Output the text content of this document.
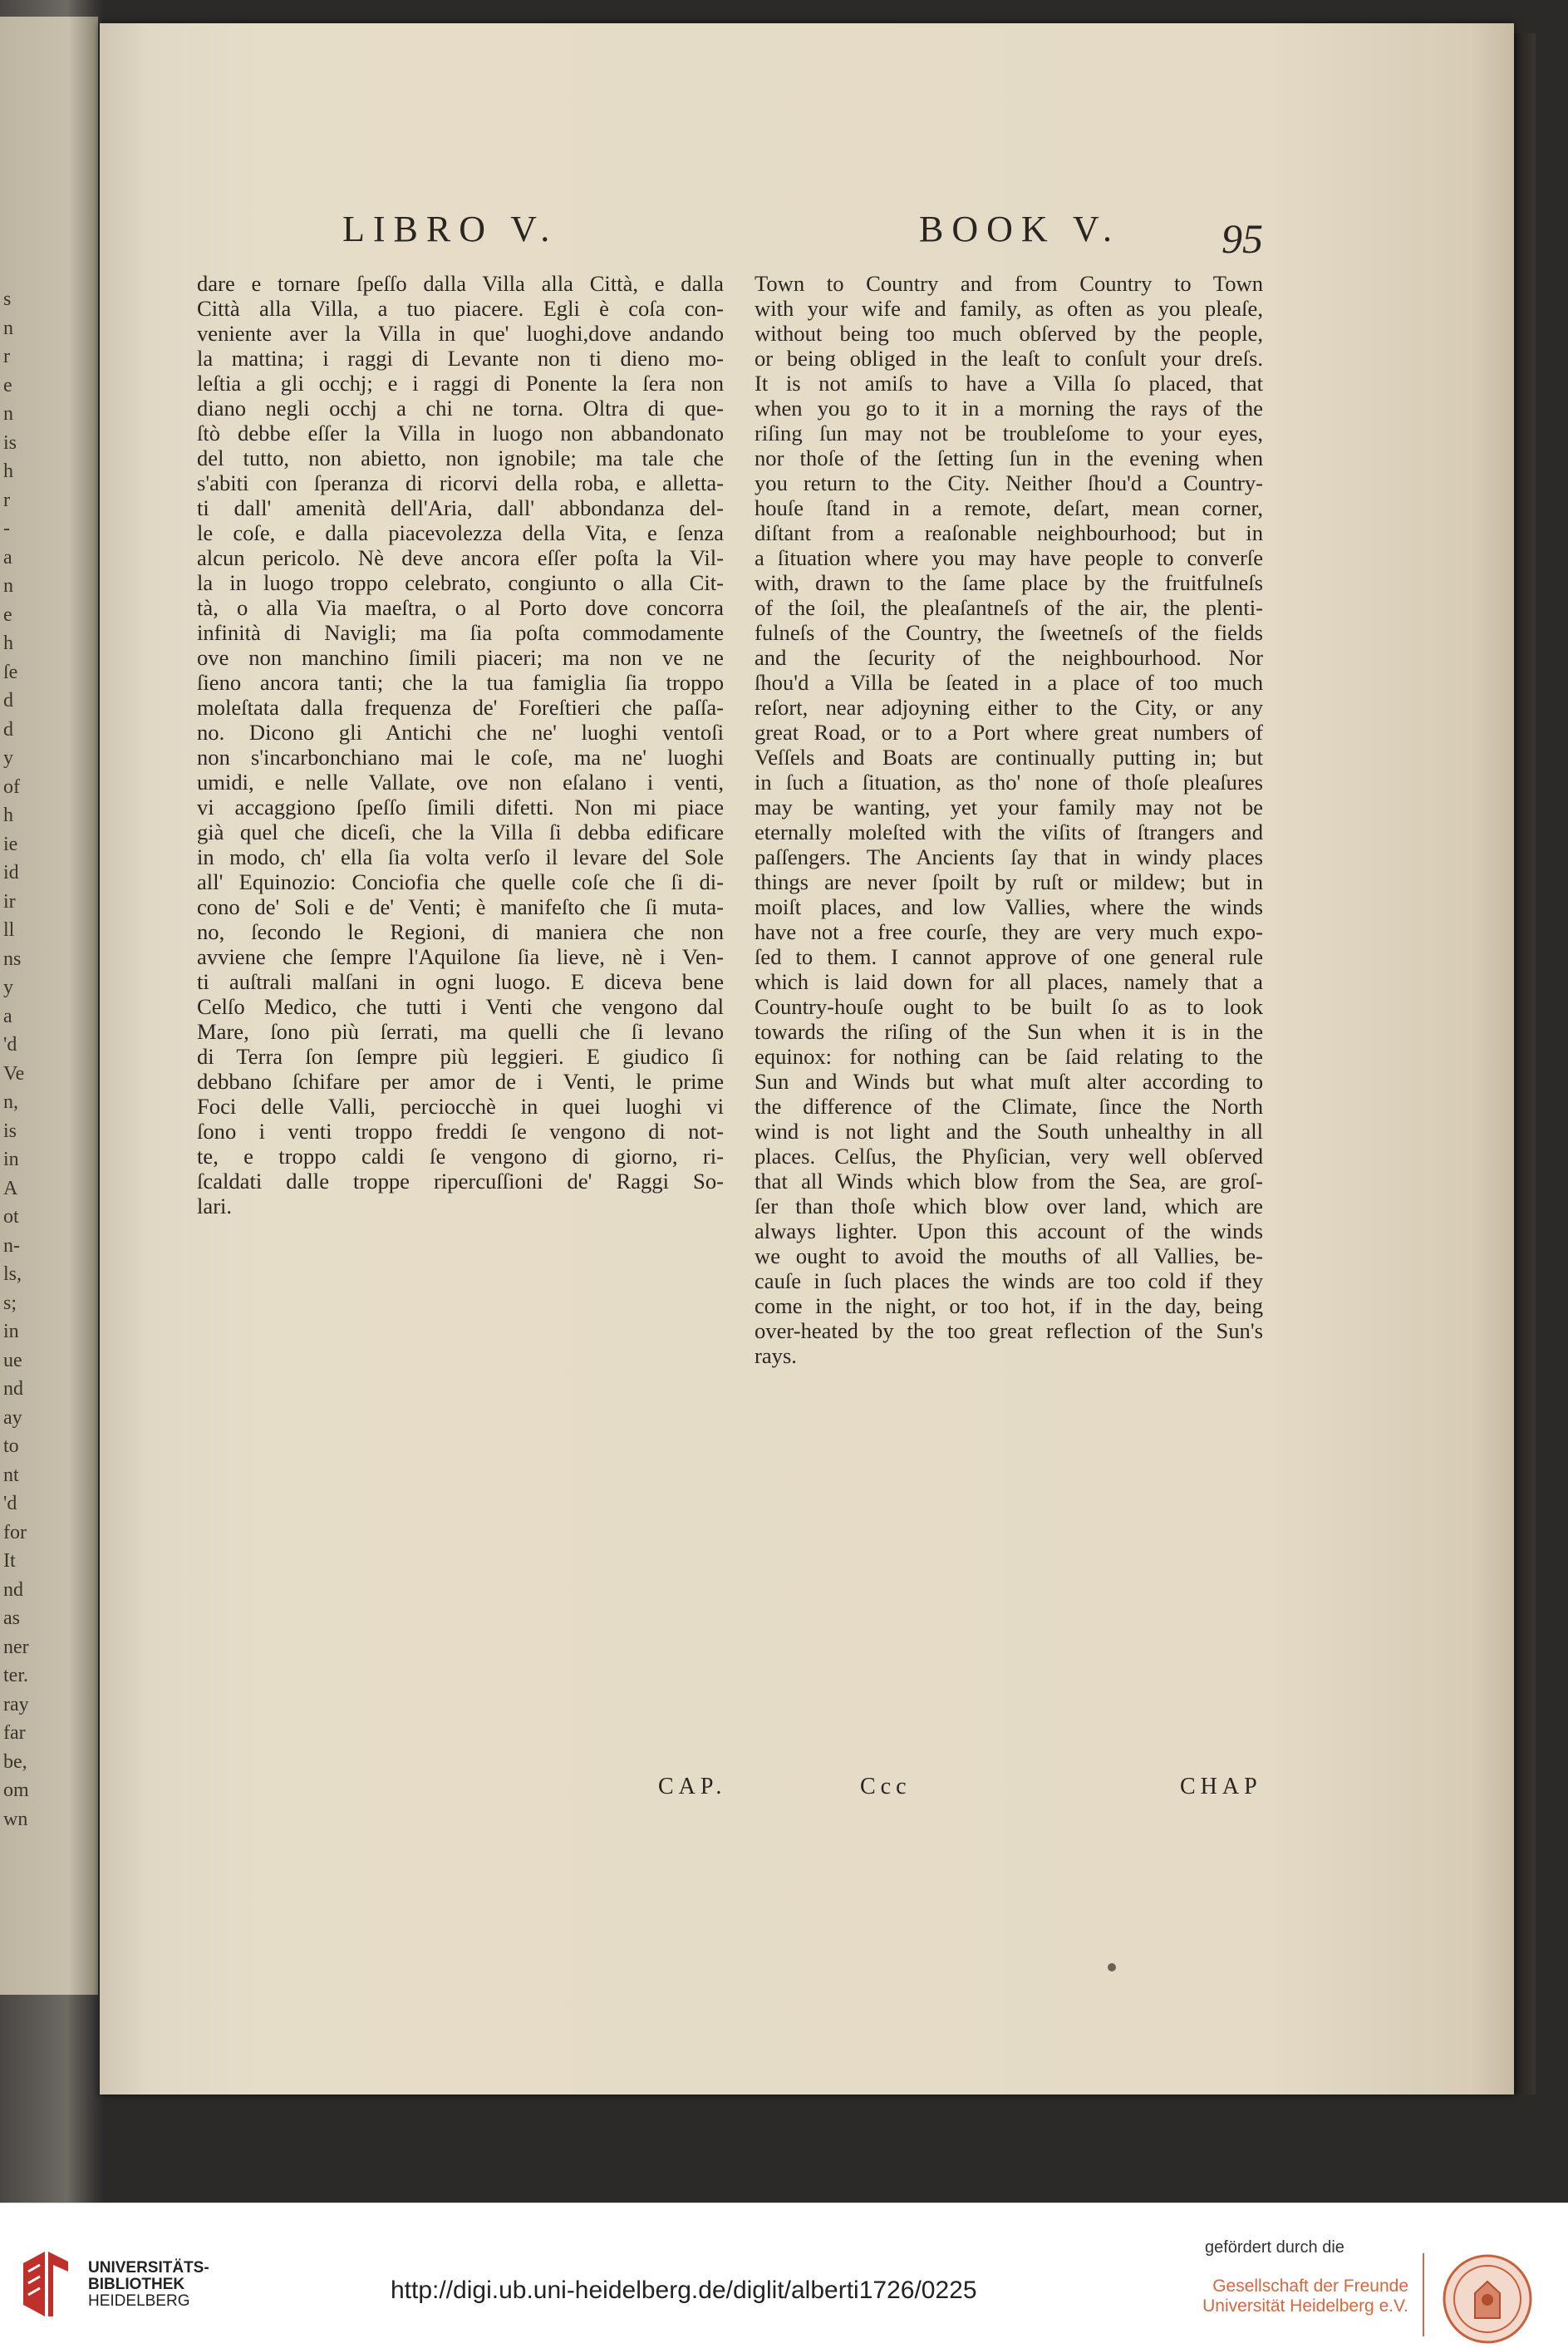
s
n
r
e
n
is
h
r
-
a
n
e
h
ſe
d
d
y
of
h
ie
id
ir
ll
ns
y
a
'd
Ve
n,
is
in
A
ot
n-
ls,
s;
in
ue
nd
ay
to
nt
'd
for
It
nd
as
ner
ter.
ray
far
be,
om
wn
LIBRO V.	BOOK V. 95
dare e tornare ſpeſſo dalla Villa alla Città, e dalla
Città alla Villa, a tuo piacere. Egli è coſa con-
veniente aver la Villa in que' luoghi,dove andando
la mattina; i raggi di Levante non ti dieno mo-
leſtia a gli occhj; e i raggi di Ponente la ſera non
diano negli occhj a chi ne torna. Oltra di que-
ſtò debbe eſſer la Villa in luogo non abbandonato
del tutto, non abietto, non ignobile; ma tale che
s'abiti con ſperanza di ricorvi della roba, e alletta-
ti dall' amenità dell'Aria, dall' abbondanza del-
le coſe, e dalla piacevolezza della Vita, e ſenza
alcun pericolo. Nè deve ancora eſſer poſta la Vil-
la in luogo troppo celebrato, congiunto o alla Cit-
tà, o alla Via maeſtra, o al Porto dove concorra
infinità di Navigli; ma ſia poſta commodamente
ove non manchino ſimili piaceri; ma non ve ne
ſieno ancora tanti; che la tua famiglia ſia troppo
moleſtata dalla frequenza de' Foreſtieri che paſſa-
no. Dicono gli Antichi che ne' luoghi ventoſi
non s'incarbonchiano mai le coſe, ma ne' luoghi
umidi, e nelle Vallate, ove non eſalano i venti,
vi accaggiono ſpeſſo ſimili difetti. Non mi piace
già quel che diceſi, che la Villa ſi debba edificare
in modo, ch' ella ſia volta verſo il levare del Sole
all' Equinozio: Conciofia che quelle coſe che ſi di-
cono de' Soli e de' Venti; è manifeſto che ſi muta-
no, ſecondo le Regioni, di maniera che non
avviene che ſempre l'Aquilone ſia lieve, nè i Ven-
ti auſtrali malſani in ogni luogo. E diceva bene
Celſo Medico, che tutti i Venti che vengono dal
Mare, ſono più ſerrati, ma quelli che ſi levano
di Terra ſon ſempre più leggieri. E giudico ſi
debbano ſchifare per amor de i Venti, le prime
Foci delle Valli, perciocchè in quei luoghi vi
ſono i venti troppo freddi ſe vengono di not-
te, e troppo caldi ſe vengono di giorno, ri-
ſcaldati dalle troppe ripercuſſioni de' Raggi So-
lari.
Town to Country and from Country to Town
with your wife and family, as often as you pleaſe,
without being too much obſerved by the people,
or being obliged in the leaſt to conſult your dreſs.
It is not amiſs to have a Villa ſo placed, that
when you go to it in a morning the rays of the
riſing ſun may not be troubleſome to your eyes,
nor thoſe of the ſetting ſun in the evening when
you return to the City. Neither ſhou'd a Country-
houſe ſtand in a remote, deſart, mean corner,
diſtant from a reaſonable neighbourhood; but in
a ſituation where you may have people to converſe
with, drawn to the ſame place by the fruitfulneſs
of the ſoil, the pleaſantneſs of the air, the plenti-
fulneſs of the Country, the ſweetneſs of the fields
and the ſecurity of the neighbourhood. Nor
ſhou'd a Villa be ſeated in a place of too much
reſort, near adjoyning either to the City, or any
great Road, or to a Port where great numbers of
Veſſels and Boats are continually putting in; but
in ſuch a ſituation, as tho' none of thoſe pleaſures
may be wanting, yet your family may not be
eternally moleſted with the viſits of ſtrangers and
paſſengers. The Ancients ſay that in windy places
things are never ſpoilt by ruſt or mildew; but in
moiſt places, and low Vallies, where the winds
have not a free courſe, they are very much expo-
ſed to them. I cannot approve of one general rule
which is laid down for all places, namely that a
Country-houſe ought to be built ſo as to look
towards the riſing of the Sun when it is in the
equinox: for nothing can be ſaid relating to the
Sun and Winds but what muſt alter according to
the difference of the Climate, ſince the North
wind is not light and the South unhealthy in all
places. Celſus, the Phyſician, very well obſerved
that all Winds which blow from the Sea, are groſ-
ſer than thoſe which blow over land, which are
always lighter. Upon this account of the winds
we ought to avoid the mouths of all Vallies, be-
cauſe in ſuch places the winds are too cold if they
come in the night, or too hot, if in the day, being
over-heated by the too great reflection of the Sun's
rays.
CAP.	Ccc	CHAP
UNIVERSITÄTS-
BIBLIOTHEK
HEIDELBERG	http://digi.ub.uni-heidelberg.de/diglit/alberti1726/0225
gefördert durch die
Gesellschaft der Freunde
Universität Heidelberg e.V.
